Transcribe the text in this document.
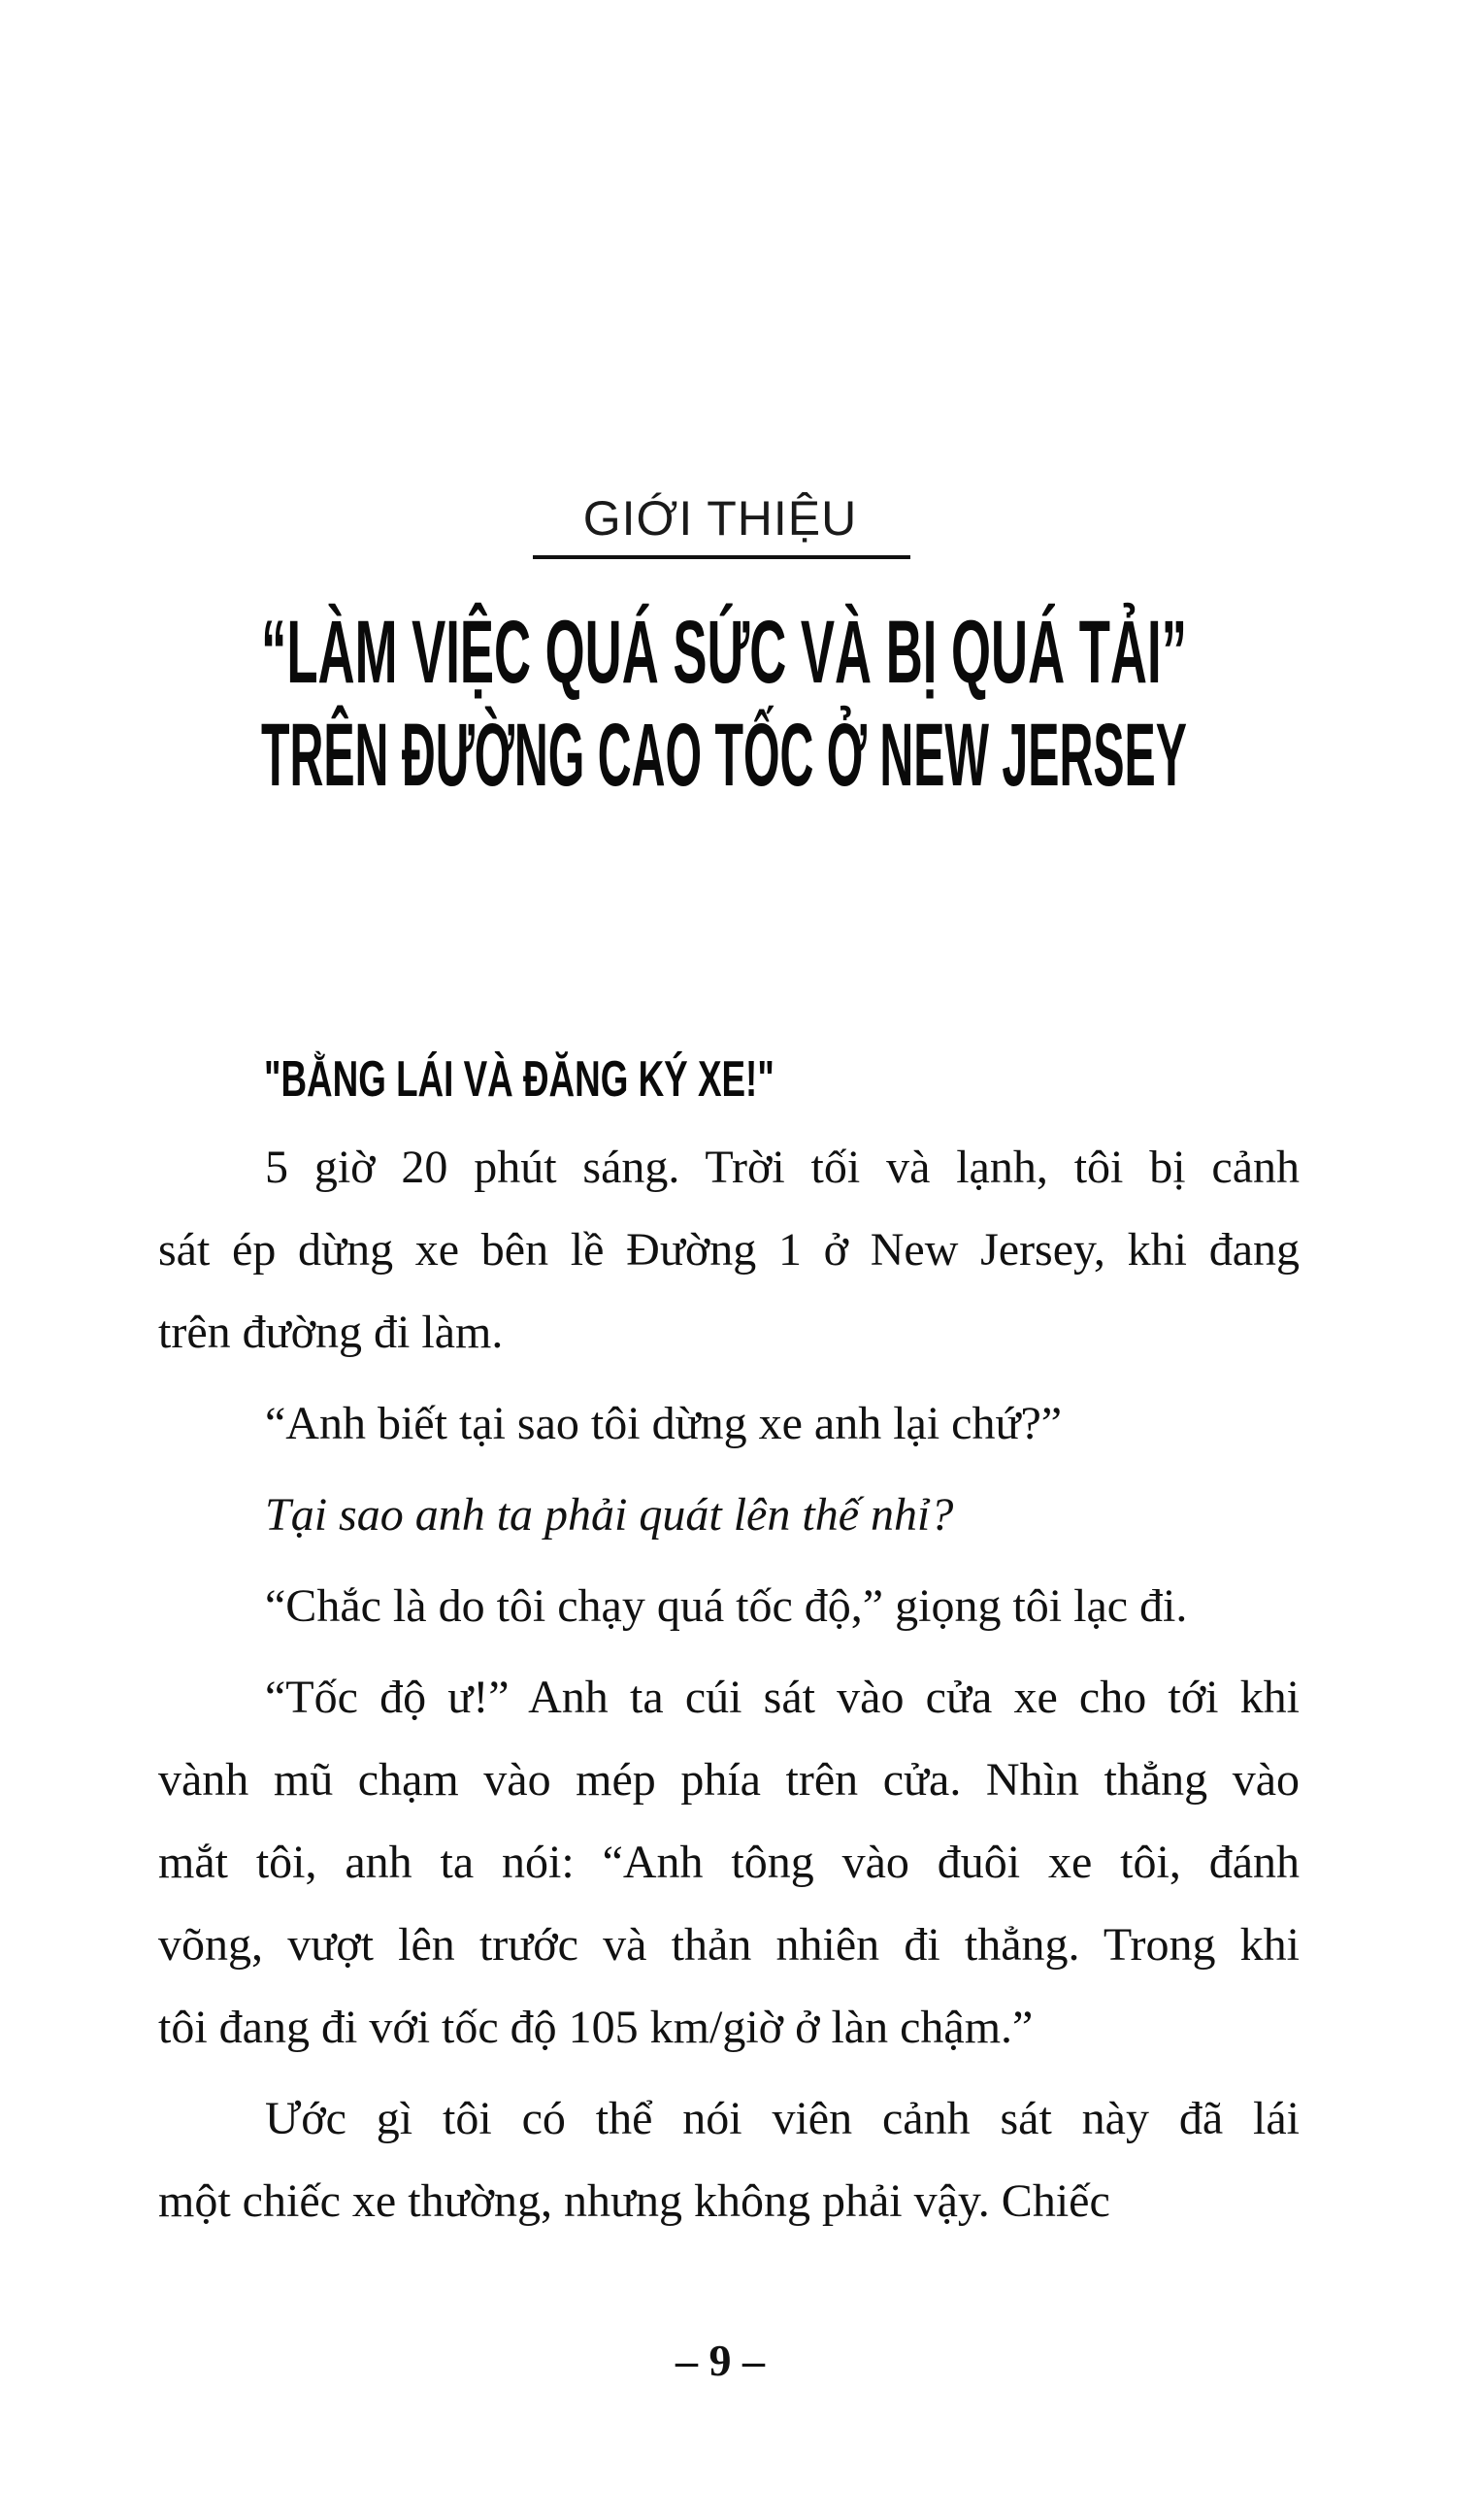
GIỚI THIỆU
“LÀM VIỆC QUÁ SỨC VÀ BỊ QUÁ TẢI”
TRÊN ĐƯỜNG CAO TỐC Ở NEW JERSEY
"BẰNG LÁI VÀ ĐĂNG KÝ XE!"
5 giờ 20 phút sáng. Trời tối và lạnh, tôi bị cảnh
sát ép dừng xe bên lề Đường 1 ở New Jersey, khi đang
trên đường đi làm.
“Anh biết tại sao tôi dừng xe anh lại chứ?”
Tại sao anh ta phải quát lên thế nhỉ?
“Chắc là do tôi chạy quá tốc độ,” giọng tôi lạc đi.
“Tốc độ ư!” Anh ta cúi sát vào cửa xe cho tới khi
vành mũ chạm vào mép phía trên cửa. Nhìn thẳng vào
mắt tôi, anh ta nói: “Anh tông vào đuôi xe tôi, đánh
võng, vượt lên trước và thản nhiên đi thẳng. Trong khi
tôi đang đi với tốc độ 105 km/giờ ở làn chậm.”
Ước gì tôi có thể nói viên cảnh sát này đã lái
một chiếc xe thường, nhưng không phải vậy. Chiếc
– 9 –
